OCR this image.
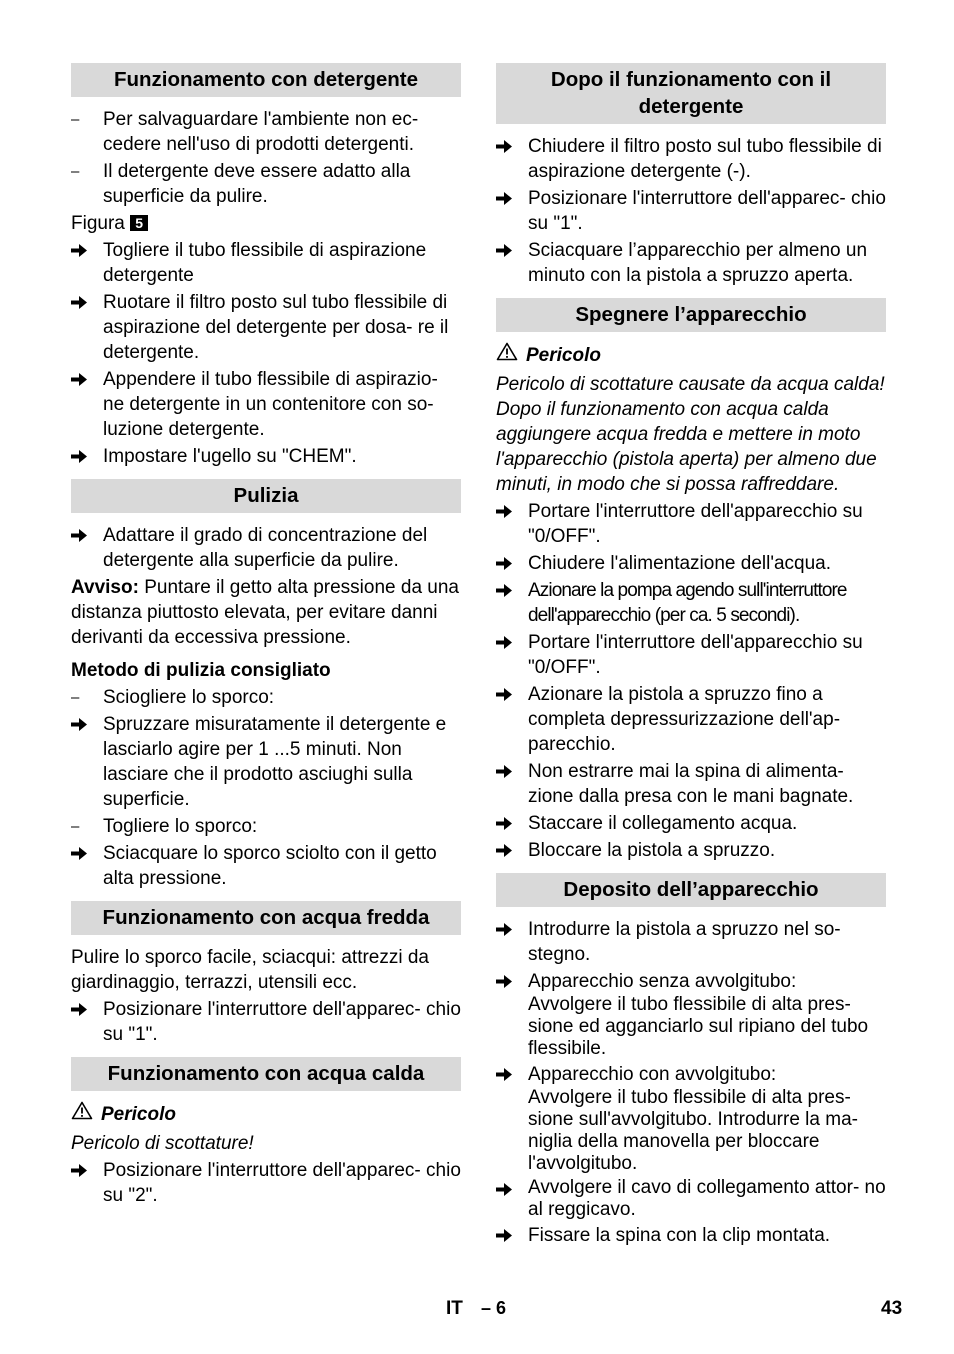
Funzionamento con detergente
–	Per salvaguardare l'ambiente non ec- cedere nell'uso di prodotti detergenti.
–	Il detergente deve essere adatto alla superficie da pulire.
Figura 5
Togliere il tubo flessibile di aspirazione detergente
Ruotare il filtro posto sul tubo flessibile di aspirazione del detergente per dosa- re il detergente.
Appendere il tubo flessibile di aspirazio- ne detergente in un contenitore con so- luzione detergente.
Impostare l'ugello su "CHEM".
Pulizia
Adattare il grado di concentrazione del detergente alla superficie da pulire.
Avviso: Puntare il getto alta pressione da una distanza piuttosto elevata, per evitare danni derivanti da eccessiva pressione.
Metodo di pulizia consigliato
–	Sciogliere lo sporco:
Spruzzare misuratamente il detergente e lasciarlo agire per 1 ...5 minuti. Non lasciare che il prodotto asciughi sulla superficie.
–	Togliere lo sporco:
Sciacquare lo sporco sciolto con il getto alta pressione.
Funzionamento con acqua fredda
Pulire lo sporco facile, sciacqui: attrezzi da giardinaggio, terrazzi, utensili ecc.
Posizionare l'interruttore dell'apparec- chio su "1".
Funzionamento con acqua calda
Pericolo
Pericolo di scottature!
Posizionare l'interruttore dell'apparec- chio su "2".
Dopo il funzionamento con il detergente
Chiudere il filtro posto sul tubo flessibile di aspirazione detergente (-).
Posizionare l'interruttore dell'apparec- chio su "1".
Sciacquare l’apparecchio per almeno un minuto con la pistola a spruzzo aperta.
Spegnere l’apparecchio
Pericolo
Pericolo di scottature causate da acqua calda! Dopo il funzionamento con acqua calda aggiungere acqua fredda e mettere in moto l'apparecchio (pistola aperta) per almeno due minuti, in modo che si possa raffreddare.
Portare l'interruttore dell'apparecchio su "0/OFF".
Chiudere l'alimentazione dell'acqua.
Azionare la pompa agendo sull'interruttore dell'apparecchio (per ca. 5 secondi).
Portare l'interruttore dell'apparecchio su "0/OFF".
Azionare la pistola a spruzzo fino a completa depressurizzazione dell'ap- parecchio.
Non estrarre mai la spina di alimenta- zione dalla presa con le mani bagnate.
Staccare il collegamento acqua.
Bloccare la pistola a spruzzo.
Deposito dell’apparecchio
Introdurre la pistola a spruzzo nel so- stegno.
Apparecchio senza avvolgitubo:
Avvolgere il tubo flessibile di alta pres- sione ed agganciarlo sul ripiano del tubo flessibile.
Apparecchio con avvolgitubo:
Avvolgere il tubo flessibile di alta pres- sione sull'avvolgitubo. Introdurre la ma- niglia della manovella per bloccare l'avvolgitubo.
Avvolgere il cavo di collegamento attor- no al reggicavo.
Fissare la spina con la clip montata.
IT – 6	43
